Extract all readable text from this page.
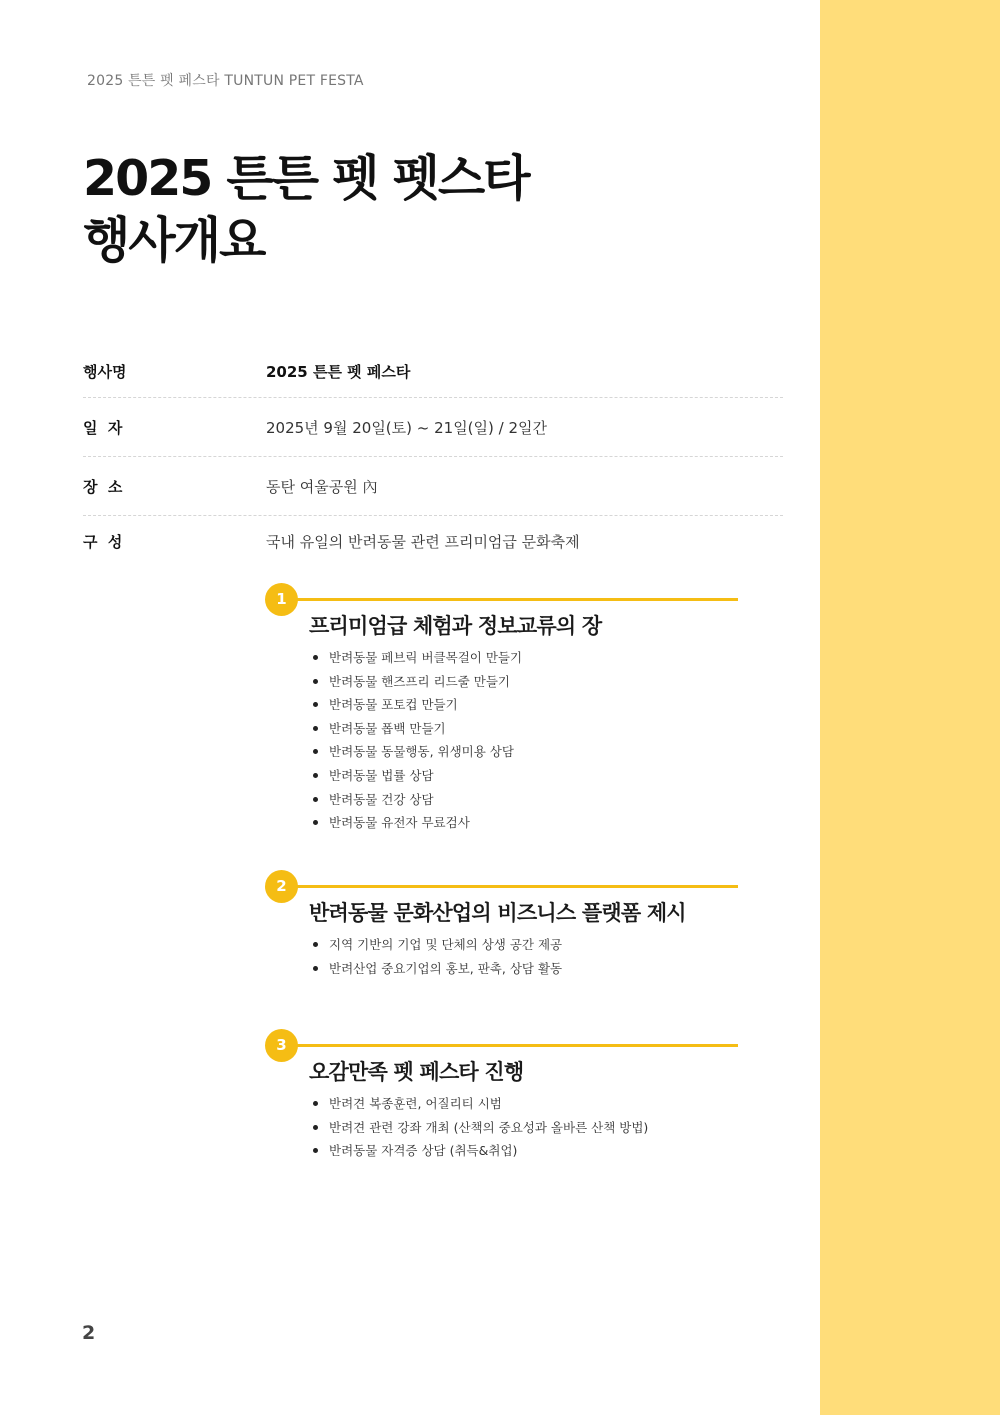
2025 튼튼 펫 페스타 TUNTUN PET FESTA
2025 튼튼 펫 펫스타
행사개요
행사명	2025 튼튼 펫 페스타
일  자	2025년 9월 20일(토) ~ 21일(일) / 2일간
장  소	동탄 여울공원 內
구  성	국내 유일의 반려동물 관련 프리미엄급 문화축제
1
프리미엄급 체험과 정보교류의 장
반려동물 페브릭 버클목걸이 만들기
반려동물 핸즈프리 리드줄 만들기
반려동물 포토컵 만들기
반려동물 폽백 만들기
반려동물 동물행동, 위생미용 상담
반려동물 법률 상담
반려동물 건강 상담
반려동물 유전자 무료검사
2
반려동물 문화산업의 비즈니스 플랫폼 제시
지역 기반의 기업 및 단체의 상생 공간 제공
반려산업 중요기업의 홍보, 판촉, 상담 활동
3
오감만족 펫 페스타 진행
반려견 복종훈련, 어질리티 시범
반려견 관련 강좌 개최 (산책의 중요성과 올바른 산책 방법)
반려동물 자격증 상담 (취득&취업)
2
